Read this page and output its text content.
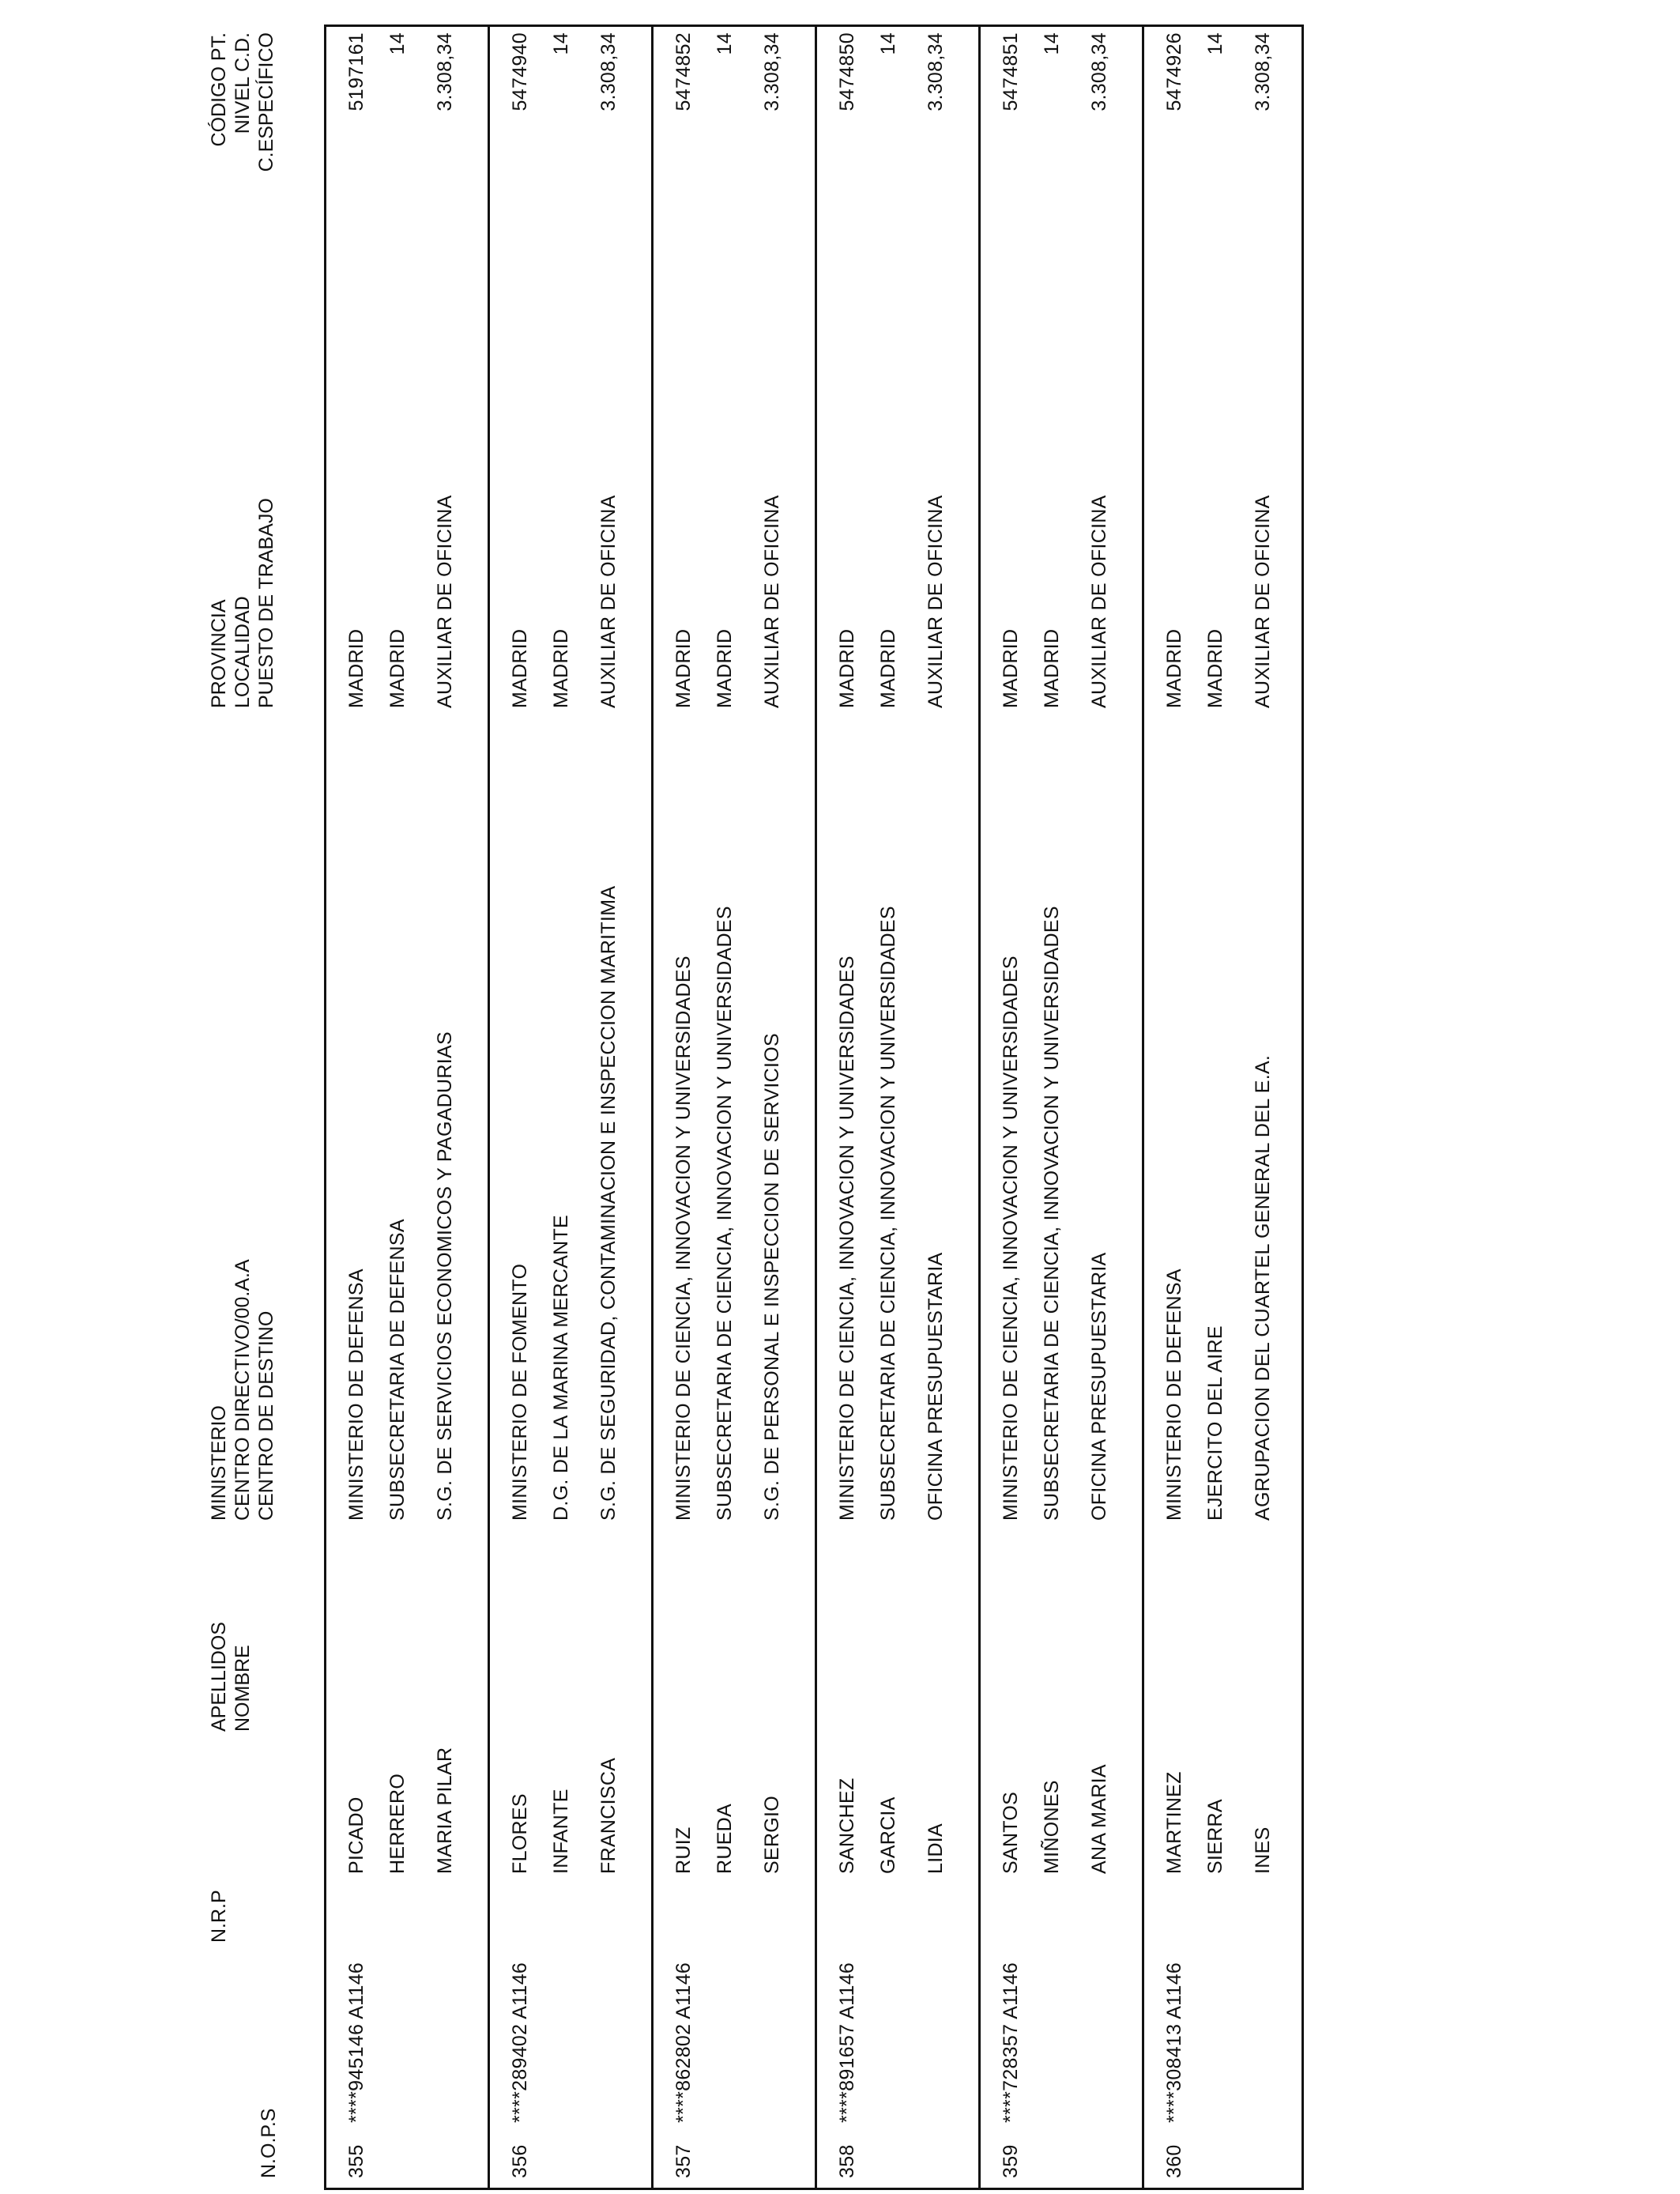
N.O.P.S
N.R.P
APELLIDOS NOMBRE
MINISTERIO CENTRO DIRECTIVO/00.A.A CENTRO DE DESTINO
PROVINCIA LOCALIDAD PUESTO DE TRABAJO
CÓDIGO PT. NIVEL C.D. C.ESPECÍFICO
355
****945146 A1146
PICADO HERRERO MARIA PILAR
MINISTERIO DE DEFENSA SUBSECRETARIA DE DEFENSA S.G. DE SERVICIOS ECONOMICOS Y PAGADURIAS
MADRID MADRID AUXILIAR DE OFICINA
5197161 14 3.308,34
356
****289402 A1146
FLORES INFANTE FRANCISCA
MINISTERIO DE FOMENTO D.G. DE LA MARINA MERCANTE S.G. DE SEGURIDAD, CONTAMINACION E INSPECCION MARITIMA
MADRID MADRID AUXILIAR DE OFICINA
5474940 14 3.308,34
357
****862802 A1146
RUIZ RUEDA SERGIO
MINISTERIO DE CIENCIA, INNOVACION Y UNIVERSIDADES SUBSECRETARIA DE CIENCIA, INNOVACION Y UNIVERSIDADES S.G. DE PERSONAL E INSPECCION DE SERVICIOS
MADRID MADRID AUXILIAR DE OFICINA
5474852 14 3.308,34
358
****891657 A1146
SANCHEZ GARCIA LIDIA
MINISTERIO DE CIENCIA, INNOVACION Y UNIVERSIDADES SUBSECRETARIA DE CIENCIA, INNOVACION Y UNIVERSIDADES OFICINA PRESUPUESTARIA
MADRID MADRID AUXILIAR DE OFICINA
5474850 14 3.308,34
359
****728357 A1146
SANTOS MIÑONES ANA MARIA
MINISTERIO DE CIENCIA, INNOVACION Y UNIVERSIDADES SUBSECRETARIA DE CIENCIA, INNOVACION Y UNIVERSIDADES OFICINA PRESUPUESTARIA
MADRID MADRID AUXILIAR DE OFICINA
5474851 14 3.308,34
360
****308413 A1146
MARTINEZ SIERRA INES
MINISTERIO DE DEFENSA EJERCITO DEL AIRE AGRUPACION DEL CUARTEL GENERAL DEL E.A.
MADRID MADRID AUXILIAR DE OFICINA
5474926 14 3.308,34
